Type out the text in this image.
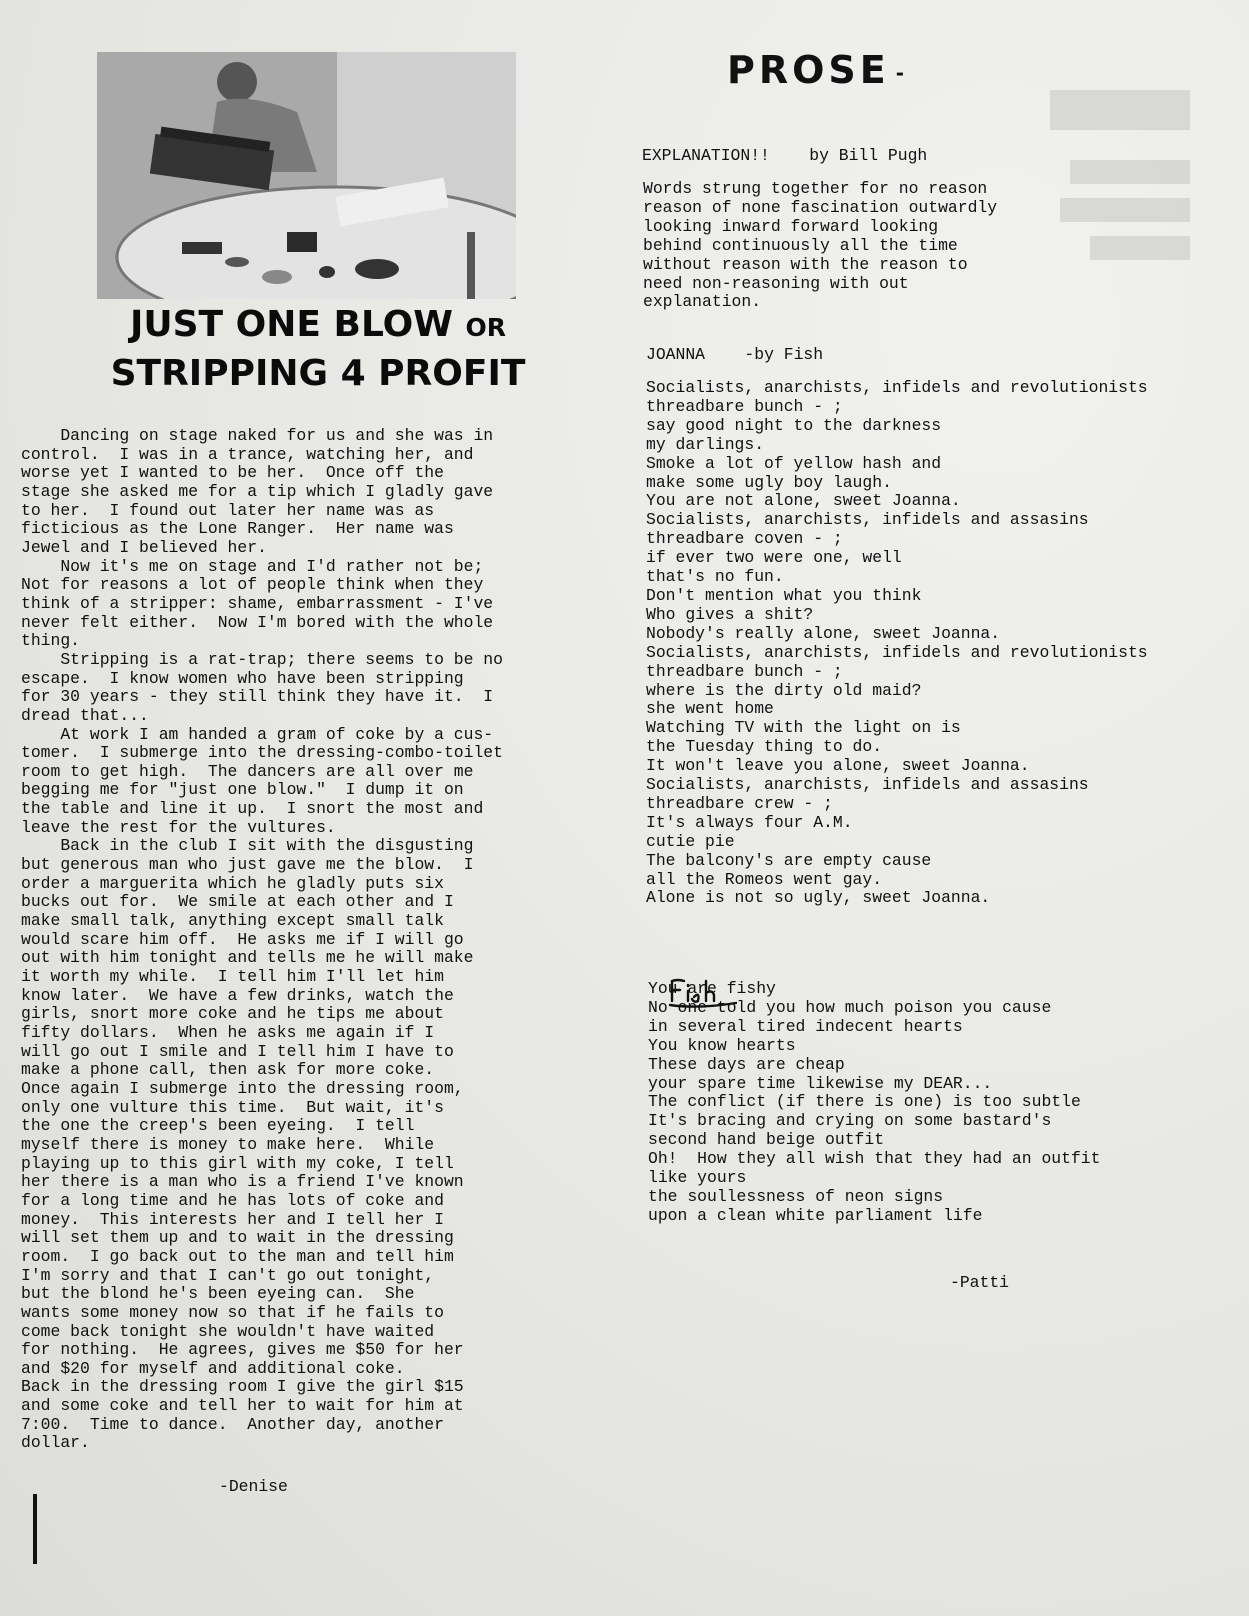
JUST ONE BLOW OR
STRIPPING 4 PROFIT
Dancing on stage naked for us and she was in
control.  I was in a trance, watching her, and
worse yet I wanted to be her.  Once off the
stage she asked me for a tip which I gladly gave
to her.  I found out later her name was as
ficticious as the Lone Ranger.  Her name was
Jewel and I believed her.
Now it's me on stage and I'd rather not be;
Not for reasons a lot of people think when they
think of a stripper: shame, embarrassment - I've
never felt either.  Now I'm bored with the whole
thing.
Stripping is a rat-trap; there seems to be no
escape.  I know women who have been stripping
for 30 years - they still think they have it.  I
dread that...
At work I am handed a gram of coke by a cus-
tomer.  I submerge into the dressing-combo-toilet
room to get high.  The dancers are all over me
begging me for "just one blow."  I dump it on
the table and line it up.  I snort the most and
leave the rest for the vultures.
Back in the club I sit with the disgusting
but generous man who just gave me the blow.  I
order a marguerita which he gladly puts six
bucks out for.  We smile at each other and I
make small talk, anything except small talk
would scare him off.  He asks me if I will go
out with him tonight and tells me he will make
it worth my while.  I tell him I'll let him
know later.  We have a few drinks, watch the
girls, snort more coke and he tips me about
fifty dollars.  When he asks me again if I
will go out I smile and I tell him I have to
make a phone call, then ask for more coke.
Once again I submerge into the dressing room,
only one vulture this time.  But wait, it's
the one the creep's been eyeing.  I tell
myself there is money to make here.  While
playing up to this girl with my coke, I tell
her there is a man who is a friend I've known
for a long time and he has lots of coke and
money.  This interests her and I tell her I
will set them up and to wait in the dressing
room.  I go back out to the man and tell him
I'm sorry and that I can't go out tonight,
but the blond he's been eyeing can.  She
wants some money now so that if he fails to
come back tonight she wouldn't have waited
for nothing.  He agrees, gives me $50 for her
and $20 for myself and additional coke.
Back in the dressing room I give the girl $15
and some coke and tell her to wait for him at
7:00.  Time to dance.  Another day, another
dollar.
-Denise
PROSE -
EXPLANATION!! by Bill Pugh
Words strung together for no reason
reason of none fascination outwardly
looking inward forward looking
behind continuously all the time
without reason with the reason to
need non-reasoning with out
explanation.
JOANNA -by Fish
Socialists, anarchists, infidels and revolutionists
threadbare bunch - ;
say good night to the darkness
my darlings.
Smoke a lot of yellow hash and
make some ugly boy laugh.
You are not alone, sweet Joanna.
Socialists, anarchists, infidels and assasins
threadbare coven - ;
if ever two were one, well
that's no fun.
Don't mention what you think
Who gives a shit?
Nobody's really alone, sweet Joanna.
Socialists, anarchists, infidels and revolutionists
threadbare bunch - ;
where is the dirty old maid?
she went home
Watching TV with the light on is
the Tuesday thing to do.
It won't leave you alone, sweet Joanna.
Socialists, anarchists, infidels and assasins
threadbare crew - ;
It's always four A.M.
cutie pie
The balcony's are empty cause
all the Romeos went gay.
Alone is not so ugly, sweet Joanna.
Fish
You are fishy
No one told you how much poison you cause
in several tired indecent hearts
You know hearts
These days are cheap
your spare time likewise my DEAR...
The conflict (if there is one) is too subtle
It's bracing and crying on some bastard's
second hand beige outfit
Oh!  How they all wish that they had an outfit
like yours
the soullessness of neon signs
upon a clean white parliament life
-Patti
